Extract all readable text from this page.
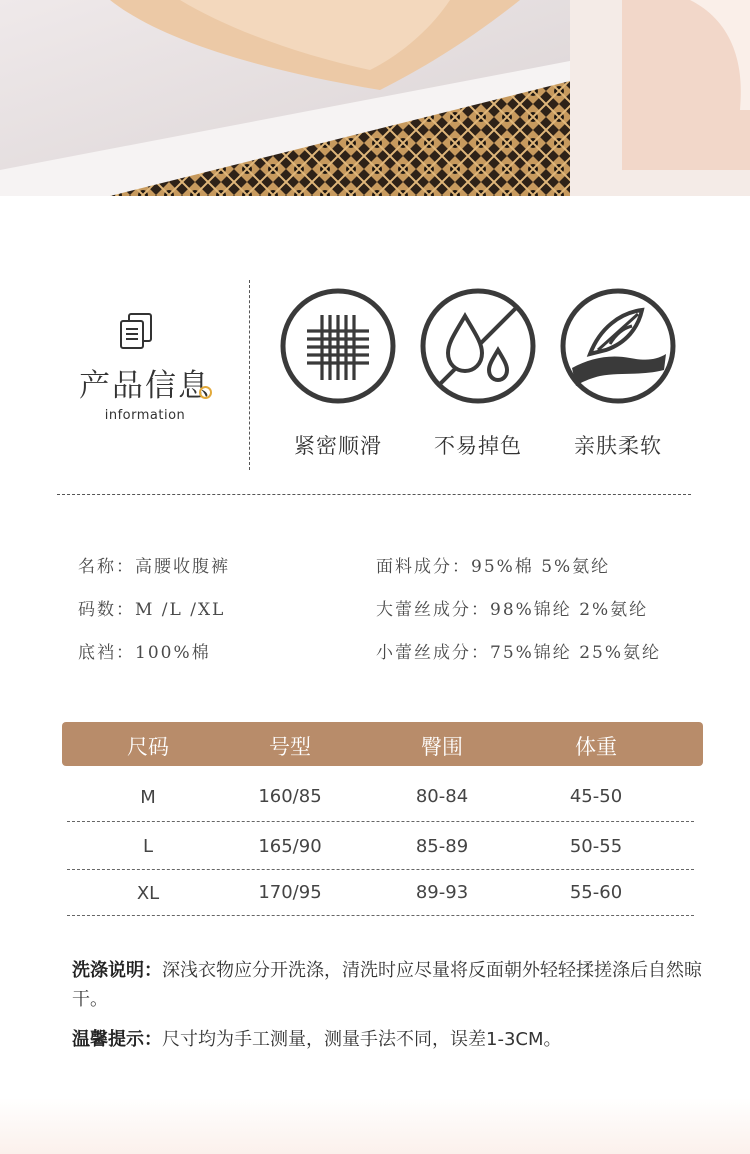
产品信息
information
紧密顺滑	不易掉色	亲肤柔软
名称：高腰收腹裤
码数：M /L /XL
底裆：100%棉
面料成分：95%棉 5%氨纶
大蕾丝成分：98%锦纶 2%氨纶
小蕾丝成分：75%锦纶 25%氨纶
尺码	号型	臀围	体重
M	160/85	80-84	45-50
L	165/90	85-89	50-55
XL	170/95	89-93	55-60
洗涤说明：深浅衣物应分开洗涤，清洗时应尽量将反面朝外轻轻揉搓涤后自然晾干。
温馨提示：尺寸均为手工测量，测量手法不同，误差1-3CM。
